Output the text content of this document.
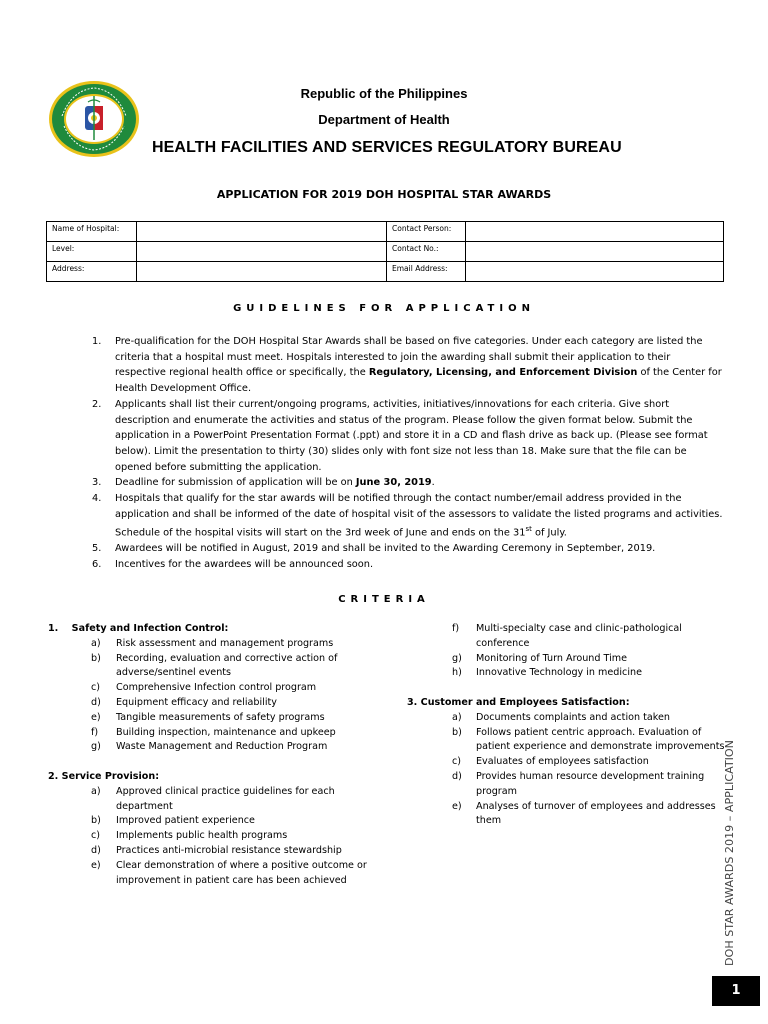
Republic of the Philippines
Department of Health
HEALTH FACILITIES AND SERVICES REGULATORY BUREAU
APPLICATION FOR 2019 DOH HOSPITAL STAR AWARDS
Name of Hospital:		Contact Person:	
Level:		Contact No.:	
Address:		Email Address:	
GUIDELINES FOR APPLICATION
1. Pre-qualification for the DOH Hospital Star Awards shall be based on five categories. Under each category are listed the criteria that a hospital must meet. Hospitals interested to join the awarding shall submit their application to their respective regional health office or specifically, the Regulatory, Licensing, and Enforcement Division of the Center for Health Development Office.
2. Applicants shall list their current/ongoing programs, activities, initiatives/innovations for each criteria. Give short description and enumerate the activities and status of the program. Please follow the given format below. Submit the application in a PowerPoint Presentation Format (.ppt) and store it in a CD and flash drive as back up. (Please see format below). Limit the presentation to thirty (30) slides only with font size not less than 18. Make sure that the file can be opened before submitting the application.
3. Deadline for submission of application will be on June 30, 2019.
4. Hospitals that qualify for the star awards will be notified through the contact number/email address provided in the application and shall be informed of the date of hospital visit of the assessors to validate the listed programs and activities. Schedule of the hospital visits will start on the 3rd week of June and ends on the 31st of July.
5. Awardees will be notified in August, 2019 and shall be invited to the Awarding Ceremony in September, 2019.
6. Incentives for the awardees will be announced soon.
CRITERIA
1.    Safety and Infection Control:
a) Risk assessment and management programs
b) Recording, evaluation and corrective action of adverse/sentinel events
c) Comprehensive Infection control program
d) Equipment efficacy and reliability
e) Tangible measurements of safety programs
f) Building inspection, maintenance and upkeep
g) Waste Management and Reduction Program
2. Service Provision:
a) Approved clinical practice guidelines for each department
b) Improved patient experience
c) Implements public health programs
d) Practices anti-microbial resistance stewardship
e) Clear demonstration of where a positive outcome or improvement in patient care has been achieved
f) Multi-specialty case and clinic-pathological conference
g) Monitoring of Turn Around Time
h) Innovative Technology in medicine
3. Customer and Employees Satisfaction:
a) Documents complaints and action taken
b) Follows patient centric approach. Evaluation of patient experience and demonstrate improvements
c) Evaluates of employees satisfaction
d) Provides human resource development training program
e) Analyses of turnover of employees and addresses them	DOH STAR AWARDS 2019 – APPLICATION
1
